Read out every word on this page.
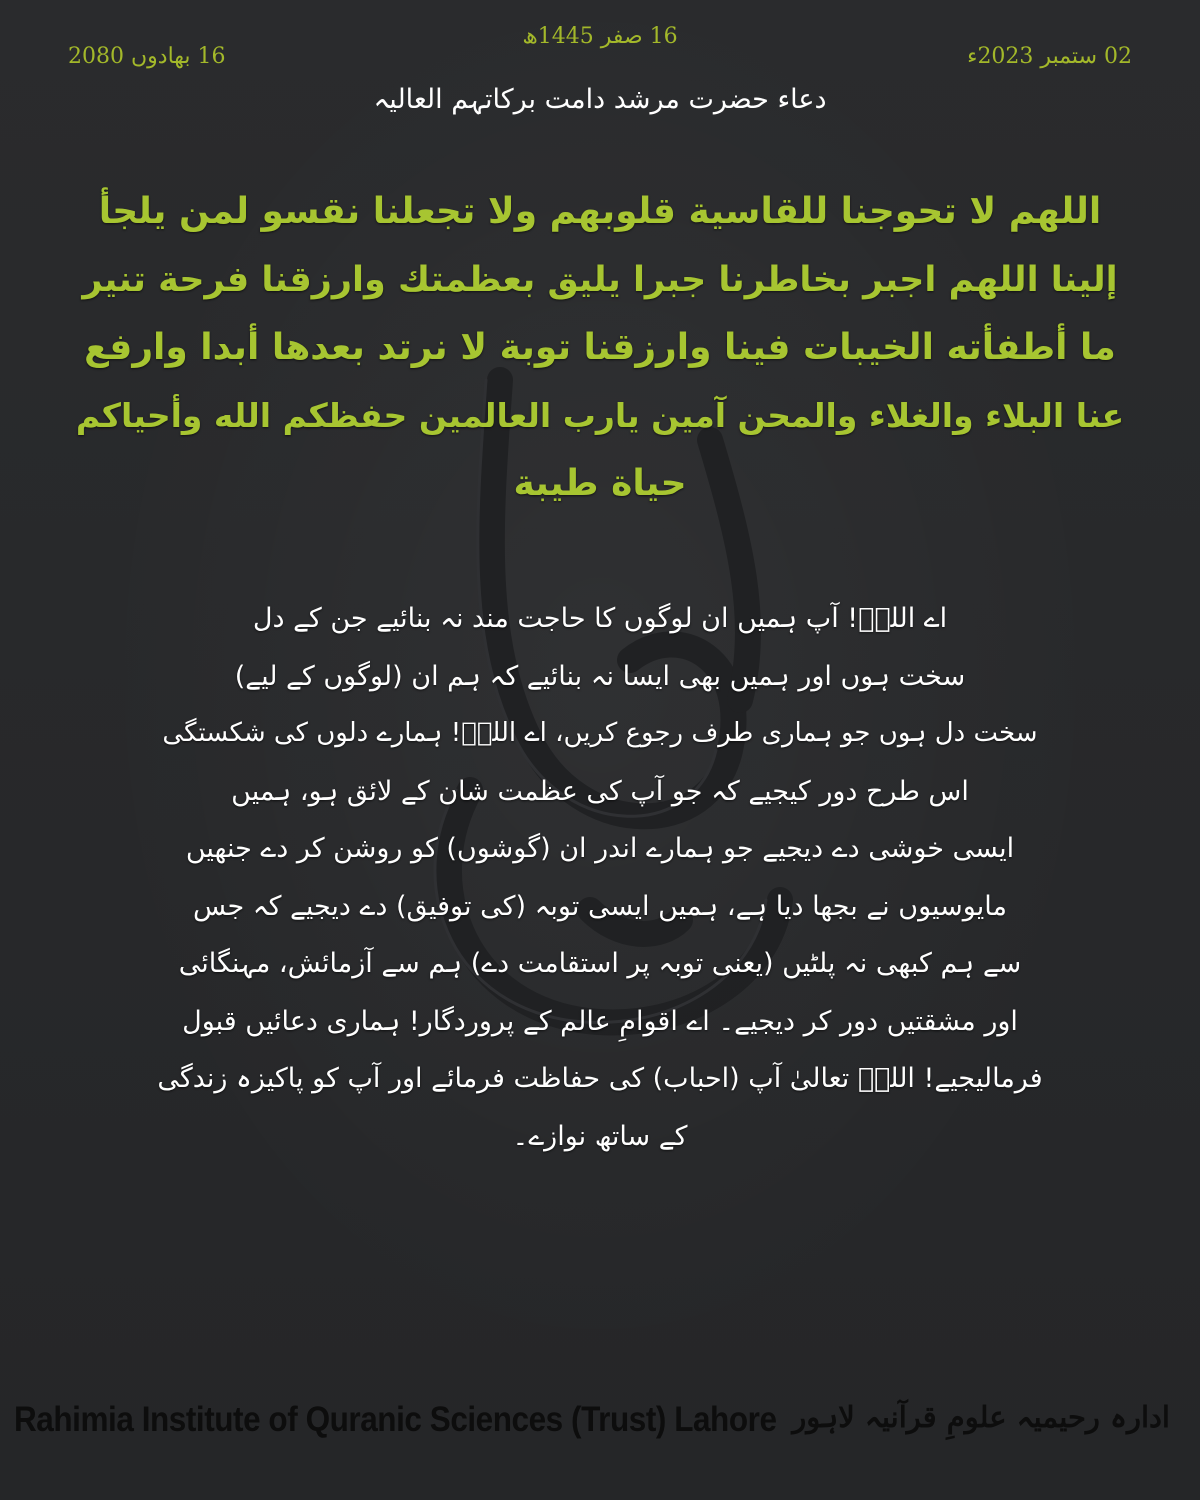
16 صفر 1445ھ
02 ستمبر 2023ء
16 بھادوں 2080
دعاء حضرت مرشد دامت برکاتہم العالیہ
اللهم لا تحوجنا للقاسية قلوبهم ولا تجعلنا نقسو لمن يلجأ
إلينا اللهم اجبر بخاطرنا جبرا يليق بعظمتك وارزقنا فرحة تنير
ما أطفأته الخيبات فينا وارزقنا توبة لا نرتد بعدها أبدا وارفع
عنا البلاء والغلاء والمحن آمين يارب العالمين حفظكم الله وأحياكم
حياة طيبة
اے اللہؒ! آپ ہمیں ان لوگوں کا حاجت مند نہ بنائیے جن کے دل
سخت ہوں اور ہمیں بھی ایسا نہ بنائیے کہ ہم ان (لوگوں کے لیے)
سخت دل ہوں جو ہماری طرف رجوع کریں، اے اللہؒ! ہمارے دلوں کی شکستگی
اس طرح دور کیجیے کہ جو آپ کی عظمت شان کے لائق ہو، ہمیں
ایسی خوشی دے دیجیے جو ہمارے اندر ان (گوشوں) کو روشن کر دے جنھیں
مایوسیوں نے بجھا دیا ہے، ہمیں ایسی توبہ (کی توفیق) دے دیجیے کہ جس
سے ہم کبھی نہ پلٹیں (یعنی توبہ پر استقامت دے) ہم سے آزمائش، مہنگائی
اور مشقتیں دور کر دیجیے۔ اے اقوامِ عالم کے پروردگار! ہماری دعائیں قبول
فرمالیجیے! اللہؒ تعالیٰ آپ (احباب) کی حفاظت فرمائے اور آپ کو پاکیزہ زندگی
کے ساتھ نوازے۔
Rahimia Institute of Quranic Sciences (Trust) Lahore ادارہ رحیمیہ علومِ قرآنیہ لاہور
